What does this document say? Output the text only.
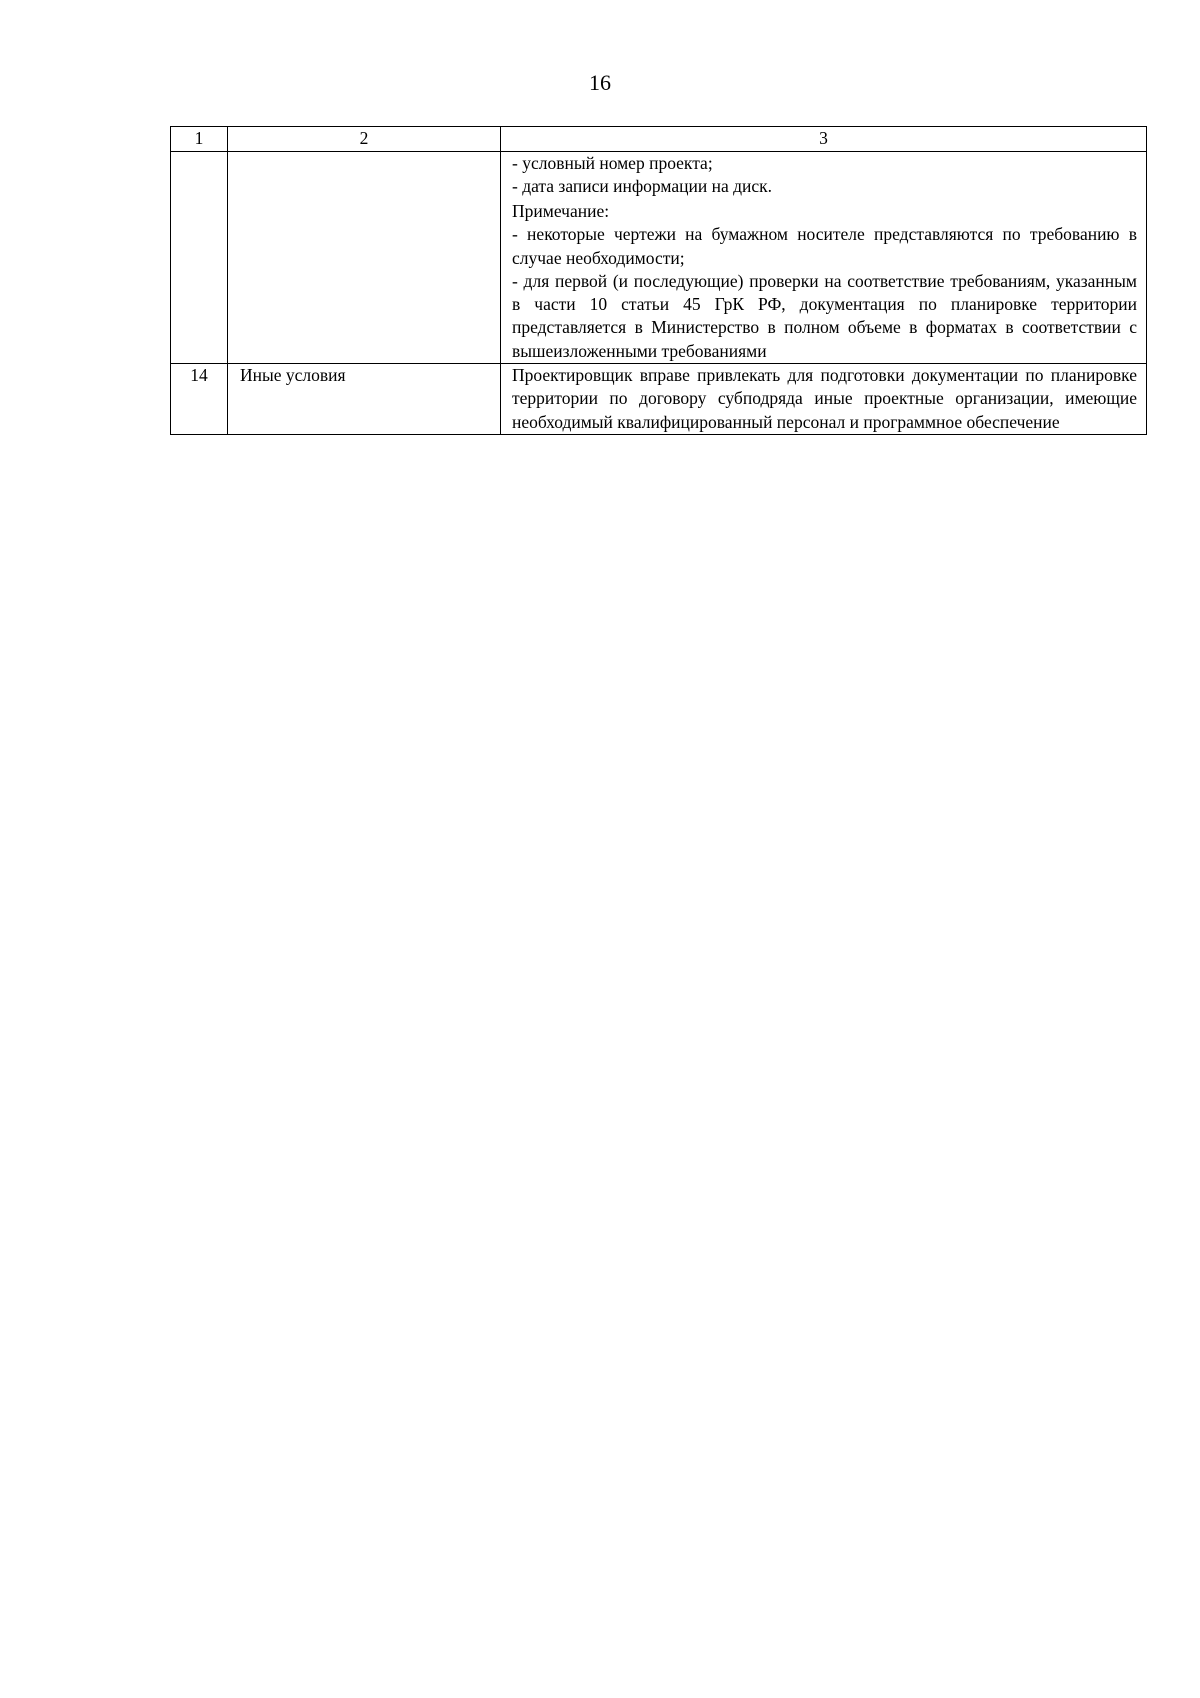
16
1	2	3

		- условный номер проекта;
- дата записи информации на диск.
Примечание:
- некоторые чертежи на бумажном носителе представляются по требованию в случае необходимости;
- для первой (и последующие) проверки на соответствие требованиям, указанным в части 10 статьи 45 ГрК РФ, документация по планировке территории представляется в Министерство в полном объеме в форматах в соответствии с вышеизложенными требованиями

14	Иные условия	Проектировщик вправе привлекать для подготовки документации по планировке территории по договору субподряда иные проектные организации, имеющие необходимый квалифицированный персонал и программное обеспечение
